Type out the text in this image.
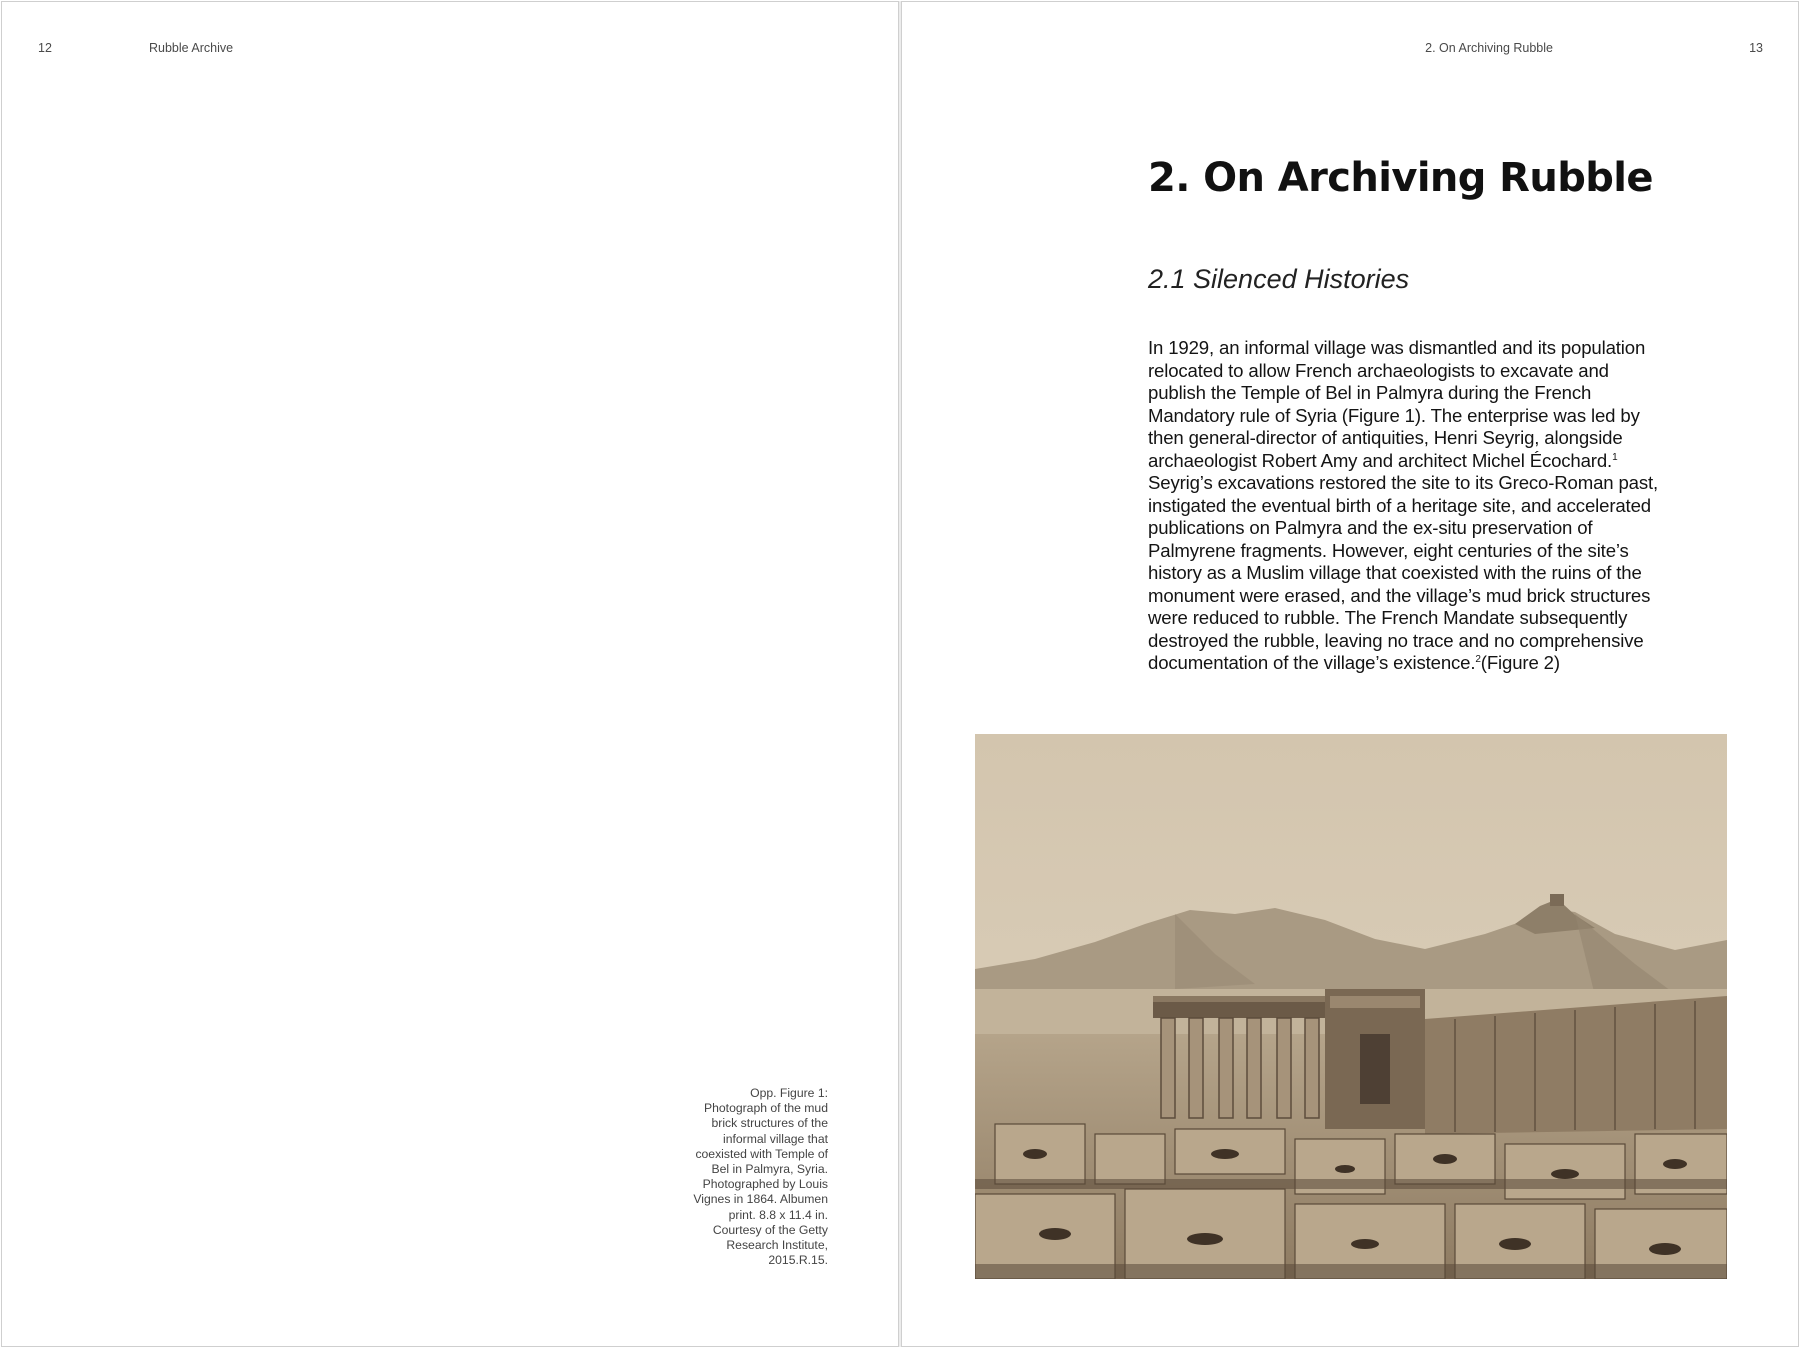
12	Rubble Archive
Opp. Figure 1: Photograph of the mud brick structures of the informal village that coexisted with Temple of Bel in Palmyra, Syria. Photographed by Louis Vignes in 1864. Albumen print. 8.8 x 11.4 in. Courtesy of the Getty Research Institute, 2015.R.15.
2. On Archiving Rubble	13
2. On Archiving Rubble
2.1 Silenced Histories

In 1929, an informal village was dismantled and its population relocated to allow French archaeologists to excavate and publish the Temple of Bel in Palmyra during the French Mandatory rule of Syria (Figure 1). The enterprise was led by then general-director of antiquities, Henri Seyrig, alongside archaeologist Robert Amy and architect Michel Écochard.$^1$ Seyrig’s excavations restored the site to its Greco-Roman past, instigated the eventual birth of a heritage site, and accelerated publications on Palmyra and the ex-situ preservation of Palmyrene fragments. However, eight centuries of the site’s history as a Muslim village that coexisted with the ruins of the monument were erased, and the village’s mud brick structures were reduced to rubble. The French Mandate subsequently destroyed the rubble, leaving no trace and no comprehensive documentation of the village’s existence.$^2$(Figure 2)
